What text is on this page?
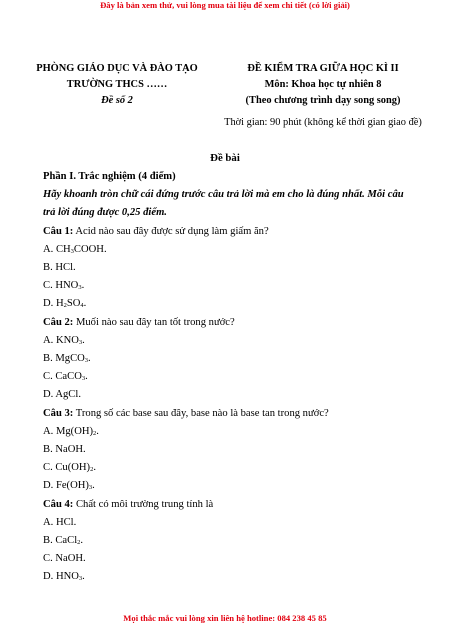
Đây là bản xem thử, vui lòng mua tài liệu để xem chi tiết (có lời giải)
PHÒNG GIÁO DỤC VÀ ĐÀO TẠO
TRƯỜNG THCS ……
Đề số 2
ĐỀ KIỂM TRA GIỮA HỌC KÌ II
Môn: Khoa học tự nhiên 8
(Theo chương trình dạy song song)
Thời gian: 90 phút (không kể thời gian giao đề)
Đề bài
Phần I. Trắc nghiệm (4 điểm)
Hãy khoanh tròn chữ cái đứng trước câu trả lời mà em cho là đúng nhất. Mỗi câu
trả lời đúng được 0,25 điểm.
Câu 1: Acid nào sau đây được sử dụng làm giấm ăn?
A. $CH_3COOH$.
B. HCl.
C. $HNO_3$.
D. $H_2SO_4$.
Câu 2: Muối nào sau đây tan tốt trong nước?
A. $KNO_3$.
B. MgCO$_3$.
C. CaCO$_3$.
D. AgCl.
Câu 3: Trong số các base sau đây, base nào là base tan trong nước?
A. $Mg(OH)_2$.
B. NaOH.
C. $Cu(OH)_2$.
D. $Fe(OH)_3$.
Câu 4: Chất có môi trường trung tính là
A. HCl.
B. CaCl$_2$.
C. NaOH.
D. $HNO_3$.
Mọi thắc mắc vui lòng xin liên hệ hotline: 084 238 45 85
